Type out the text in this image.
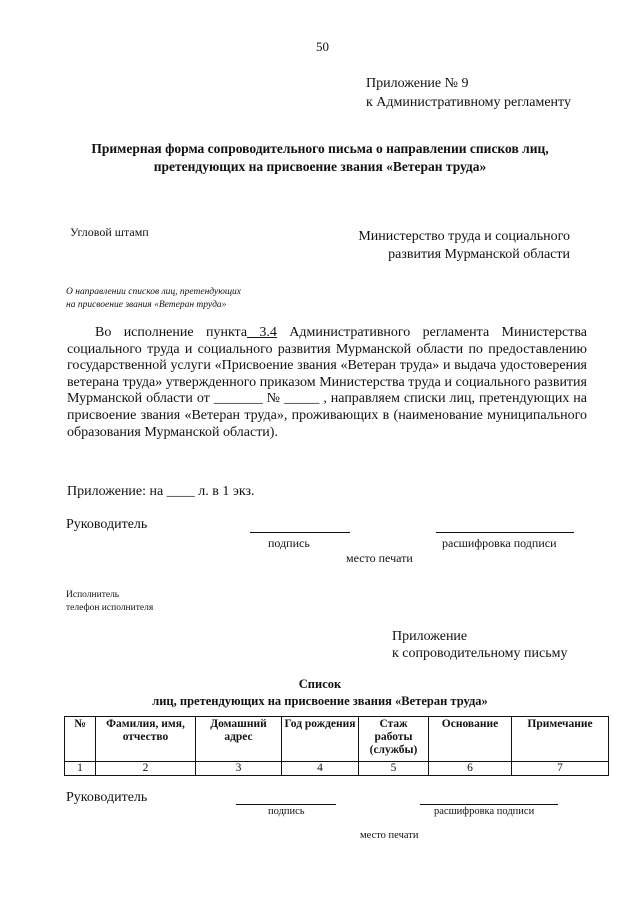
50
Приложение № 9
к Административному регламенту
Примерная форма сопроводительного письма о направлении списков лиц,
претендующих на присвоение звания «Ветеран труда»
Угловой штамп	Министерство труда и социального
развития Мурманской области
О направлении списков лиц, претендующих
на присвоение звания «Ветеран труда»

Во исполнение пункта 3.4 Административного регламента Министерства социального труда и социального развития Мурманской области по предоставлению государственной услуги «Присвоение звания «Ветеран труда» и выдача удостоверения ветерана труда» утвержденного приказом Министерства труда и социального развития Мурманской области от _______ № _____ , направляем списки лиц, претендующих на присвоение звания «Ветеран труда», проживающих в (наименование муниципального образования Мурманской области).

Приложение: на ____ л. в 1 экз.
Руководитель
подпись	расшифровка подписи
место печати
Исполнитель
телефон исполнителя
Приложение
к сопроводительному письму
Список
лиц, претендующих на присвоение звания «Ветеран труда»
№	Фамилия, имя, отчество	Домашний адрес	Год рождения	Стаж работы (службы)	Основание	Примечание
1	2	3	4	5	6	7
Руководитель
подпись	расшифровка подписи
место печати
